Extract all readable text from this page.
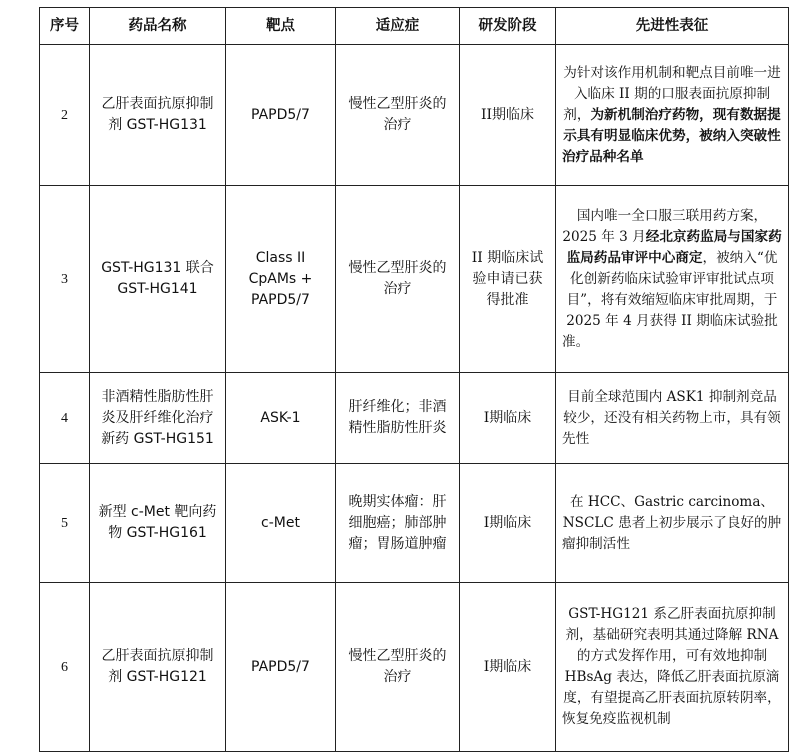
序号	药品名称	靶点	适应症	研发阶段	先进性表征
2	乙肝表面抗原抑制剂 GST-HG131	PAPD5/7	慢性乙型肝炎的治疗	II期临床	为针对该作用机制和靶点目前唯一进入临床 II 期的口服表面抗原抑制剂，为新机制治疗药物，现有数据提示具有明显临床优势，被纳入突破性治疗品种名单
3	GST-HG131 联合 GST-HG141	Class II CpAMs + PAPD5/7	慢性乙型肝炎的治疗	II 期临床试验申请已获得批准	国内唯一全口服三联用药方案，2025 年 3 月经北京药监局与国家药监局药品审评中心商定，被纳入“优化创新药临床试验审评审批试点项目”，将有效缩短临床审批周期，于 2025 年 4 月获得 II 期临床试验批准。
4	非酒精性脂肪性肝炎及肝纤维化治疗新药 GST-HG151	ASK-1	肝纤维化；非酒精性脂肪性肝炎	I期临床	目前全球范围内 ASK1 抑制剂竞品较少，还没有相关药物上市，具有领先性
5	新型 c-Met 靶向药物 GST-HG161	c-Met	晚期实体瘤：肝细胞癌；肺部肿瘤；胃肠道肿瘤	I期临床	在 HCC、Gastric carcinoma、NSCLC 患者上初步展示了良好的肿瘤抑制活性
6	乙肝表面抗原抑制剂 GST-HG121	PAPD5/7	慢性乙型肝炎的治疗	I期临床	GST-HG121 系乙肝表面抗原抑制剂，基础研究表明其通过降解 RNA 的方式发挥作用，可有效地抑制 HBsAg 表达，降低乙肝表面抗原滴度，有望提高乙肝表面抗原转阴率，恢复免疫监视机制
